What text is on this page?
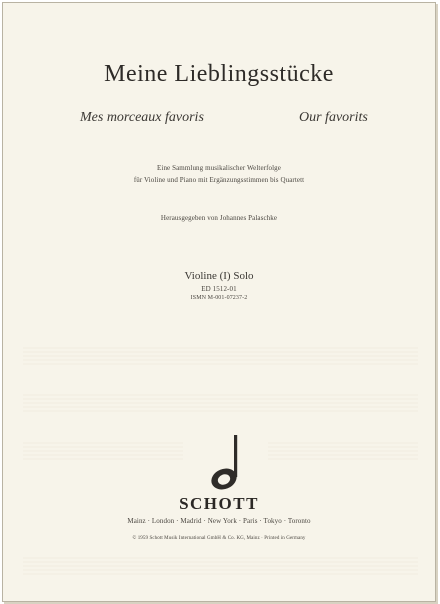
Meine Lieblingsstücke
Mes morceaux favoris	Our favorits
Eine Sammlung musikalischer Welterfolge
für Violine und Piano mit Ergänzungsstimmen bis Quartett
Herausgegeben von Johannes Palaschke
Violine (I) Solo
ED 1512-01
ISMN M-001-07237-2
SCHOTT
Mainz · London · Madrid · New York · Paris · Tokyo · Toronto
© 1959 Schott Musik International GmbH & Co. KG, Mainz · Printed in Germany
